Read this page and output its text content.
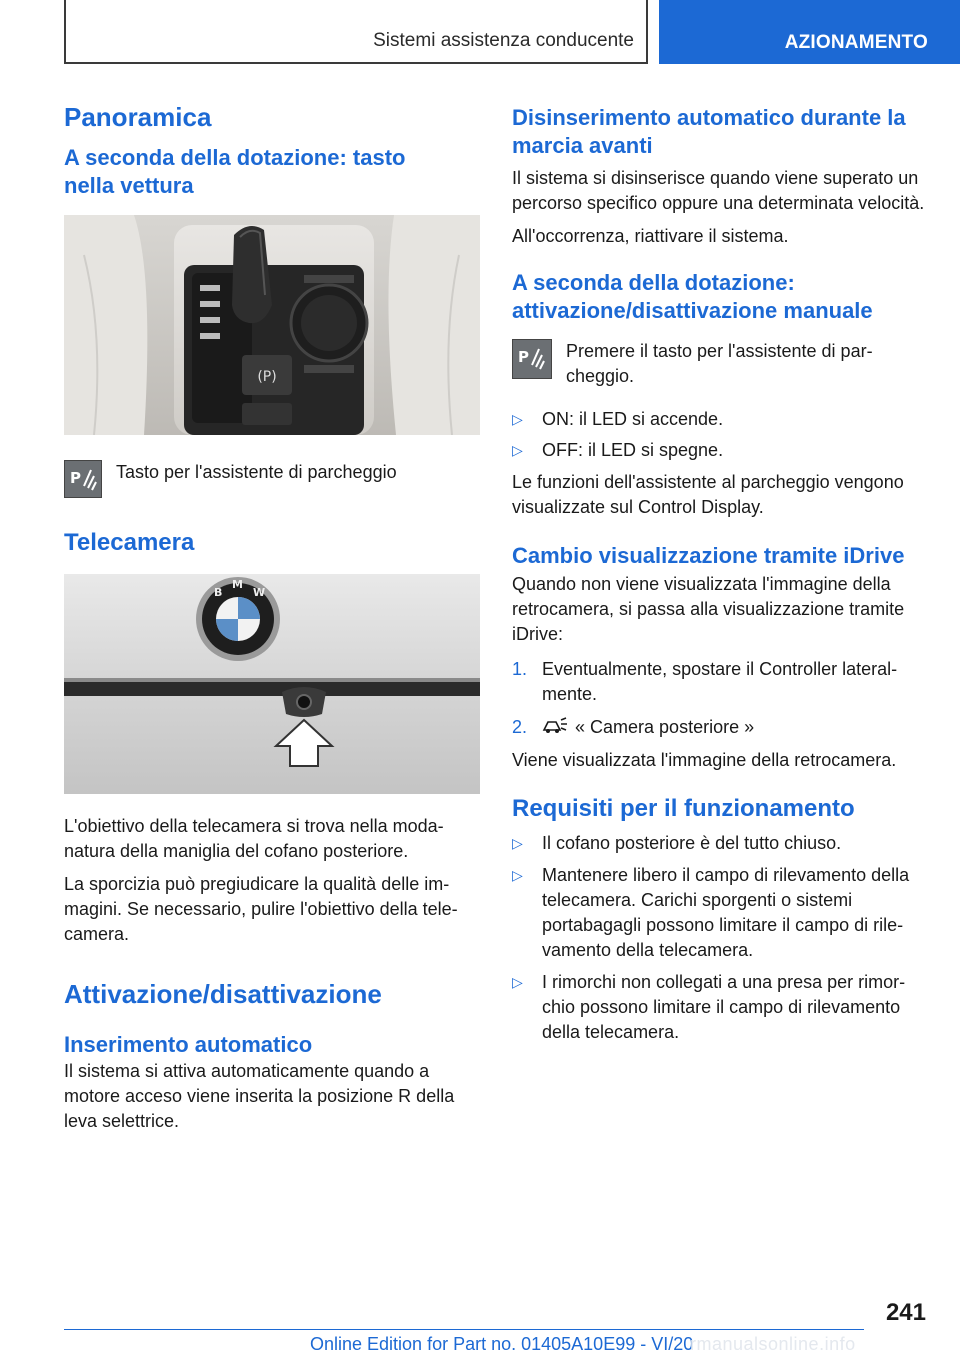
Sistemi assistenza conducente	AZIONAMENTO
Panoramica
A seconda della dotazione: tasto nella vettura
(P)
P Tasto per l'assistente di parcheggio

Telecamera
B
M
W

L'obiettivo della telecamera si trova nella moda-natura della maniglia del cofano posteriore.

La sporcizia può pregiudicare la qualità delle im-magini. Se necessario, pulire l'obiettivo della tele-camera.

Attivazione/disattivazione
Inserimento automatico

Il sistema si attiva automaticamente quando a motore acceso viene inserita la posizione R della leva selettrice.

Disinserimento automatico durante la marcia avanti

Il sistema si disinserisce quando viene superato un percorso specifico oppure una determinata velocità.

All'occorrenza, riattivare il sistema.

A seconda della dotazione: attivazione/disattivazione manuale
P Premere il tasto per l'assistente di par-cheggio.

▷ ON: il LED si accende.
▷ OFF: il LED si spegne.

Le funzioni dell'assistente al parcheggio vengono visualizzate sul Control Display.

Cambio visualizzazione tramite iDrive

Quando non viene visualizzata l'immagine della retrocamera, si passa alla visualizzazione tramite iDrive:

1. Eventualmente, spostare il Controller lateral-mente.
2.	« Camera posteriore »

Viene visualizzata l'immagine della retrocamera.

Requisiti per il funzionamento
▷ Il cofano posteriore è del tutto chiuso.
▷ Mantenere libero il campo di rilevamento della telecamera. Carichi sporgenti o sistemi portabagagli possono limitare il campo di rile-vamento della telecamera.
▷ I rimorchi non collegati a una presa per rimor-chio possono limitare il campo di rilevamento della telecamera.
241
Online Edition for Part no. 01405A10E99 - VI/20
rmanualsonline.info
